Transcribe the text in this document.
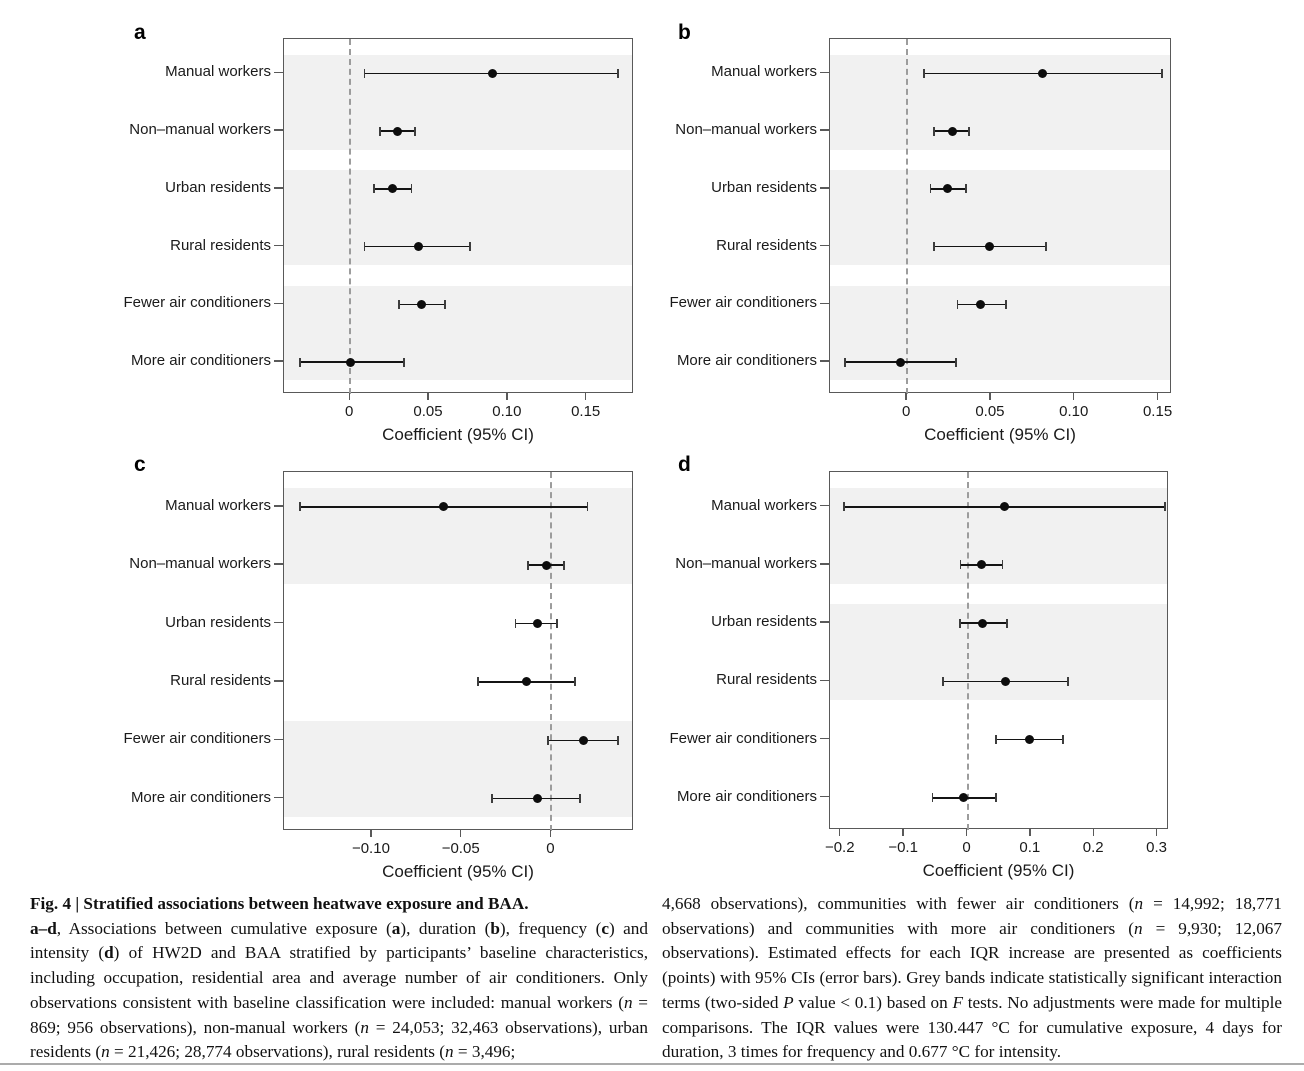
a	b
c	d
Manual workers
Non–manual workers
Urban residents
Rural residents
Fewer air conditioners
More air conditioners
0	0.05	0.10	0.15
Coefficient (95% CI)
Manual workers
Non–manual workers
Urban residents
Rural residents
Fewer air conditioners
More air conditioners
0	0.05	0.10	0.15
Coefficient (95% CI)
Manual workers
Non–manual workers
Urban residents
Rural residents
Fewer air conditioners
More air conditioners
−0.10	−0.05	0
Coefficient (95% CI)
Manual workers
Non–manual workers
Urban residents
Rural residents
Fewer air conditioners
More air conditioners
−0.2	−0.1	0	0.1	0.2	0.3
Coefficient (95% CI)
Fig. 4 | Stratified associations between heatwave exposure and BAA.
a–d, Associations between cumulative exposure (a), duration (b), frequency (c) and intensity (d) of HW2D and BAA stratified by participants’ baseline characteristics, including occupation, residential area and average number of air conditioners. Only observations consistent with baseline classification were included: manual workers (n = 869; 956 observations), non-manual workers (n = 24,053; 32,463 observations), urban residents (n = 21,426; 28,774 observations), rural residents (n = 3,496;
4,668 observations), communities with fewer air conditioners (n = 14,992; 18,771 observations) and communities with more air conditioners (n = 9,930; 12,067 observations). Estimated effects for each IQR increase are presented as coefficients (points) with 95% CIs (error bars). Grey bands indicate statistically significant interaction terms (two-sided P value < 0.1) based on F tests. No adjustments were made for multiple comparisons. The IQR values were 130.447 °C for cumulative exposure, 4 days for duration, 3 times for frequency and 0.677 °C for intensity.
